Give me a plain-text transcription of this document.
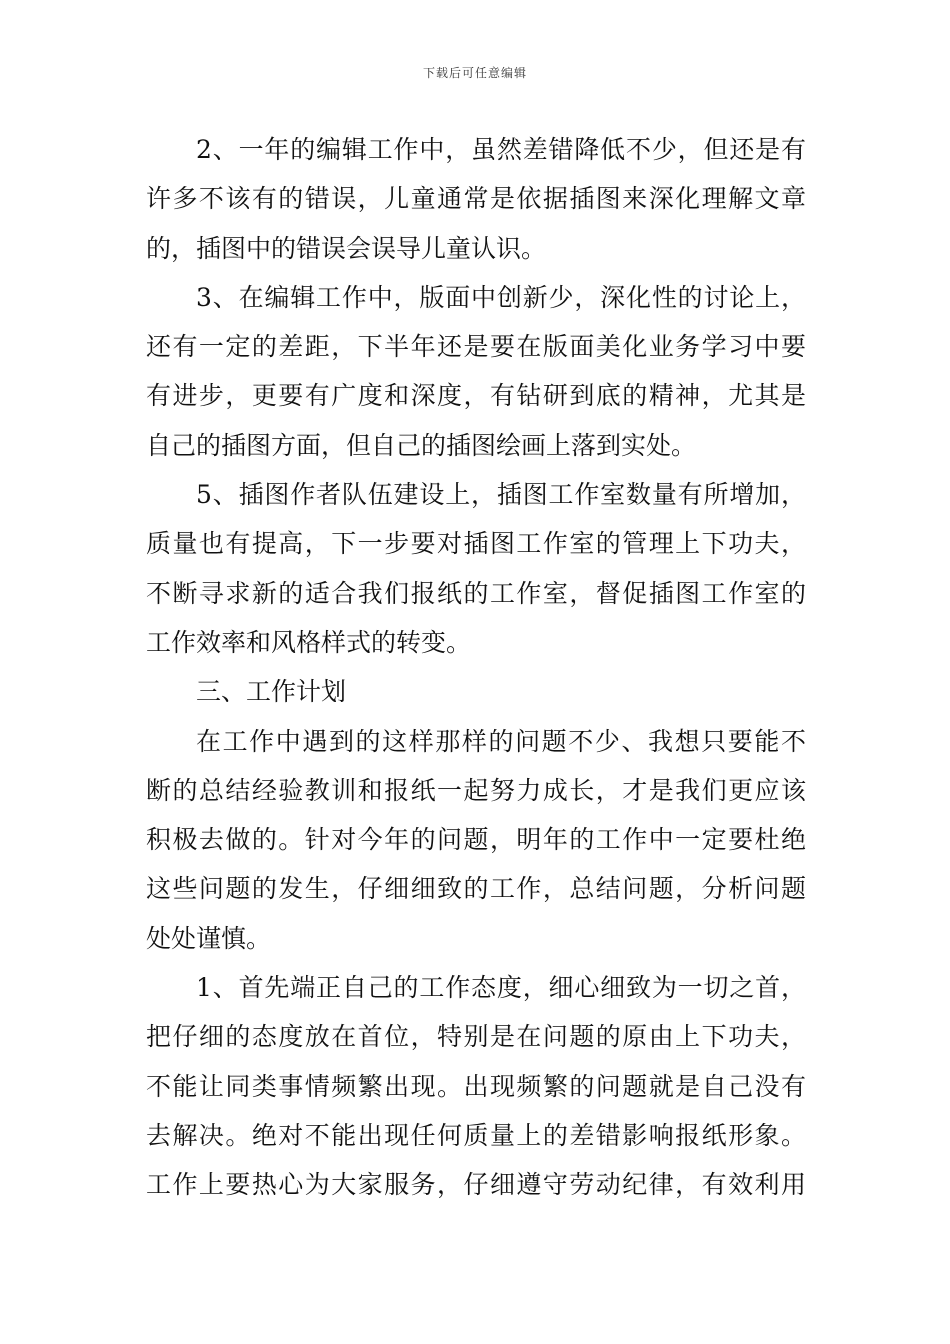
下载后可任意编辑
2、一年的编辑工作中，虽然差错降低不少，但还是有
许多不该有的错误，儿童通常是依据插图来深化理解文章
的，插图中的错误会误导儿童认识。
3、在编辑工作中，版面中创新少，深化性的讨论上，
还有一定的差距，下半年还是要在版面美化业务学习中要
有进步，更要有广度和深度，有钻研到底的精神，尤其是
自己的插图方面，但自己的插图绘画上落到实处。
5、插图作者队伍建设上，插图工作室数量有所增加，
质量也有提高，下一步要对插图工作室的管理上下功夫，
不断寻求新的适合我们报纸的工作室，督促插图工作室的
工作效率和风格样式的转变。
三、工作计划
在工作中遇到的这样那样的问题不少、我想只要能不
断的总结经验教训和报纸一起努力成长，才是我们更应该
积极去做的。针对今年的问题，明年的工作中一定要杜绝
这些问题的发生，仔细细致的工作，总结问题，分析问题
处处谨慎。
1、首先端正自己的工作态度，细心细致为一切之首，
把仔细的态度放在首位，特别是在问题的原由上下功夫，
不能让同类事情频繁出现。出现频繁的问题就是自己没有
去解决。绝对不能出现任何质量上的差错影响报纸形象。
工作上要热心为大家服务，仔细遵守劳动纪律，有效利用
